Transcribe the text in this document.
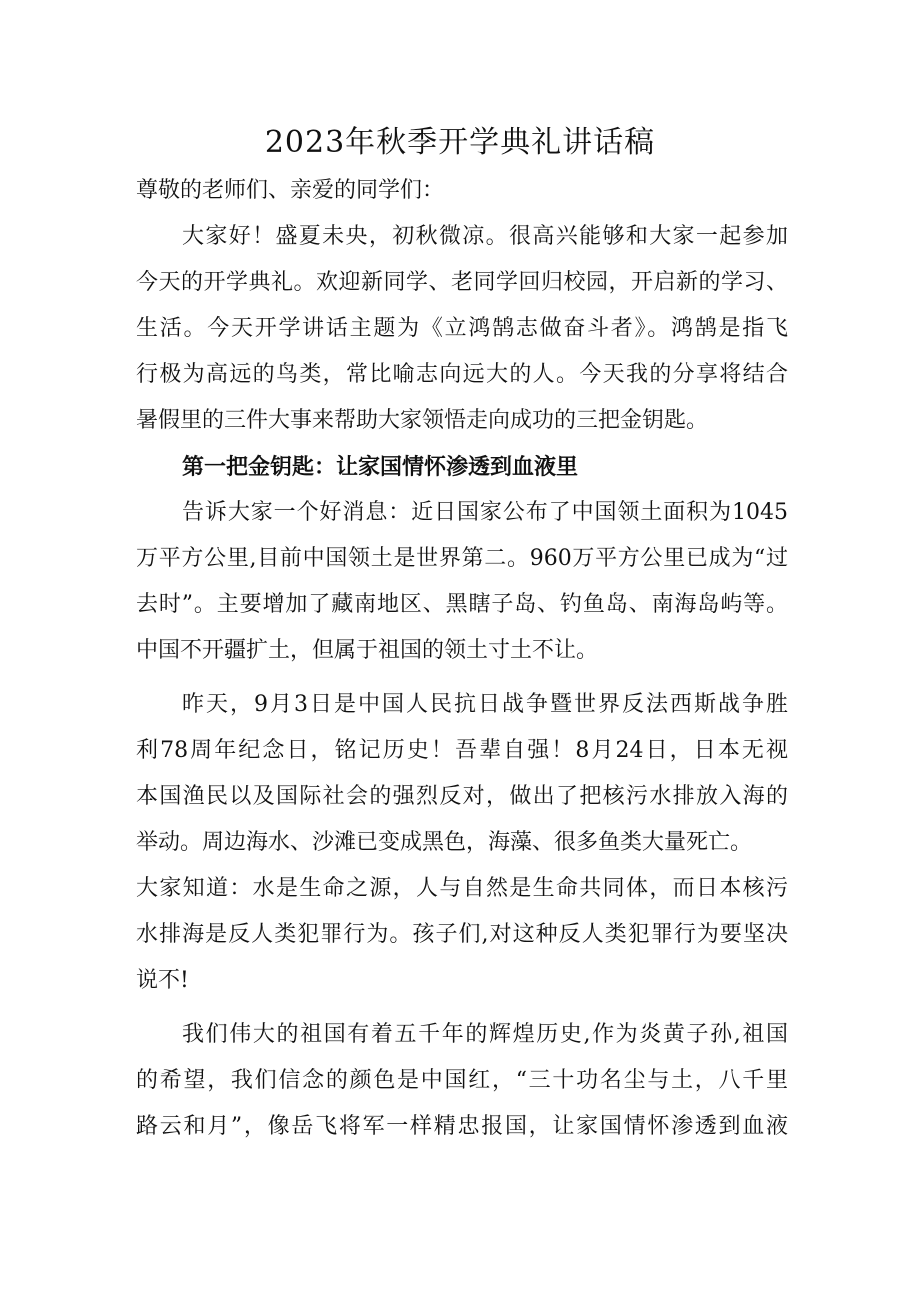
2023年秋季开学典礼讲话稿
尊敬的老师们、亲爱的同学们：
大家好！盛夏未央，初秋微凉。很高兴能够和大家一起参加
今天的开学典礼。欢迎新同学、老同学回归校园，开启新的学习、
生活。今天开学讲话主题为《立鸿鹄志做奋斗者》。鸿鹄是指飞
行极为高远的鸟类，常比喻志向远大的人。今天我的分享将结合
暑假里的三件大事来帮助大家领悟走向成功的三把金钥匙。
第一把金钥匙：让家国情怀渗透到血液里
告诉大家一个好消息：近日国家公布了中国领土面积为1045
万平方公里,目前中国领土是世界第二。960万平方公里已成为“过
去时”。主要增加了藏南地区、黑瞎子岛、钓鱼岛、南海岛屿等。
中国不开疆扩土，但属于祖国的领土寸土不让。
昨天，9月3日是中国人民抗日战争暨世界反法西斯战争胜
利78周年纪念日，铭记历史！吾辈自强！8月24日，日本无视
本国渔民以及国际社会的强烈反对，做出了把核污水排放入海的
举动。周边海水、沙滩已变成黑色，海藻、很多鱼类大量死亡。
大家知道：水是生命之源，人与自然是生命共同体，而日本核污
水排海是反人类犯罪行为。孩子们,对这种反人类犯罪行为要坚决
说不!
我们伟大的祖国有着五千年的辉煌历史,作为炎黄子孙,祖国
的希望，我们信念的颜色是中国红，“三十功名尘与土，八千里
路云和月”，像岳飞将军一样精忠报国，让家国情怀渗透到血液
